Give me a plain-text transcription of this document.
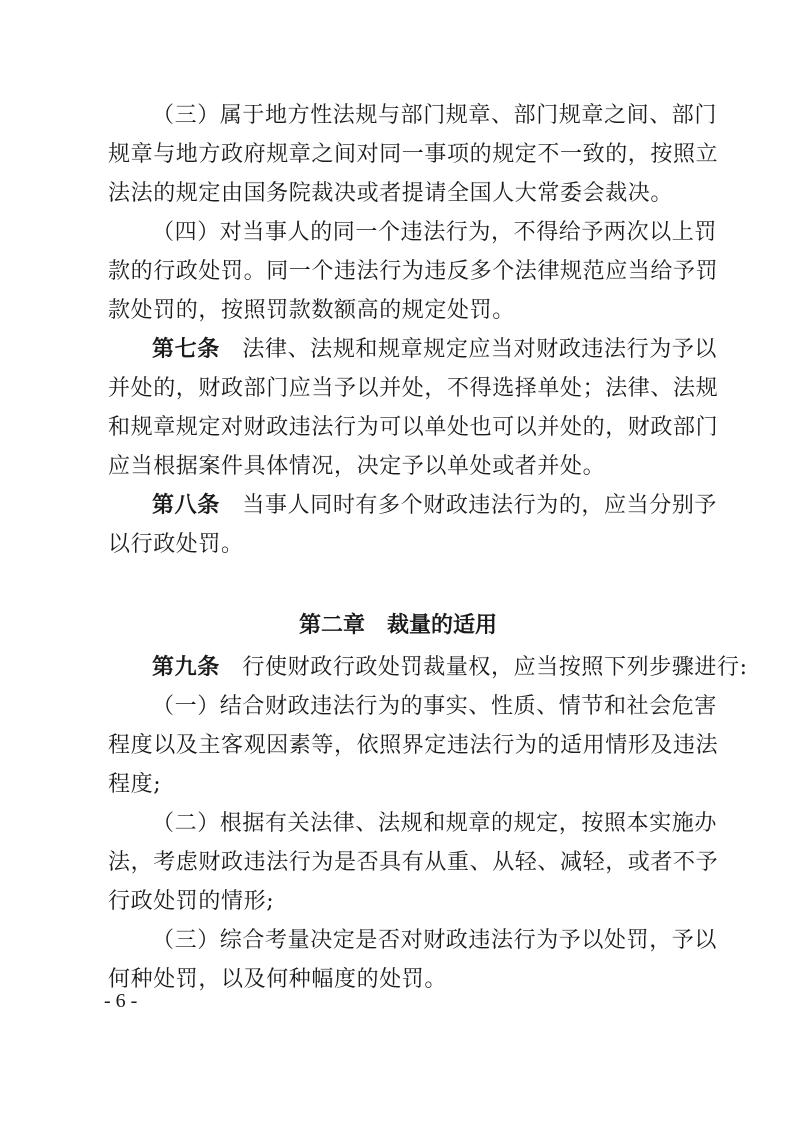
（三）属于地方性法规与部门规章、部门规章之间、部门
规章与地方政府规章之间对同一事项的规定不一致的，按照立
法法的规定由国务院裁决或者提请全国人大常委会裁决。
（四）对当事人的同一个违法行为，不得给予两次以上罚
款的行政处罚。同一个违法行为违反多个法律规范应当给予罚
款处罚的，按照罚款数额高的规定处罚。
第七条　 法律、法规和规章规定应当对财政违法行为予以
并处的，财政部门应当予以并处，不得选择单处；法律、法规
和规章规定对财政违法行为可以单处也可以并处的，财政部门
应当根据案件具体情况，决定予以单处或者并处。
第八条　 当事人同时有多个财政违法行为的，应当分别予
以行政处罚。
第二章　裁量的适用
第九条　 行使财政行政处罚裁量权，应当按照下列步骤进行:
（一）结合财政违法行为的事实、性质、情节和社会危害
程度以及主客观因素等，依照界定违法行为的适用情形及违法
程度;
（二）根据有关法律、法规和规章的规定，按照本实施办
法，考虑财政违法行为是否具有从重、从轻、减轻，或者不予
行政处罚的情形;
（三）综合考量决定是否对财政违法行为予以处罚，予以
何种处罚，以及何种幅度的处罚。
- 6 -
